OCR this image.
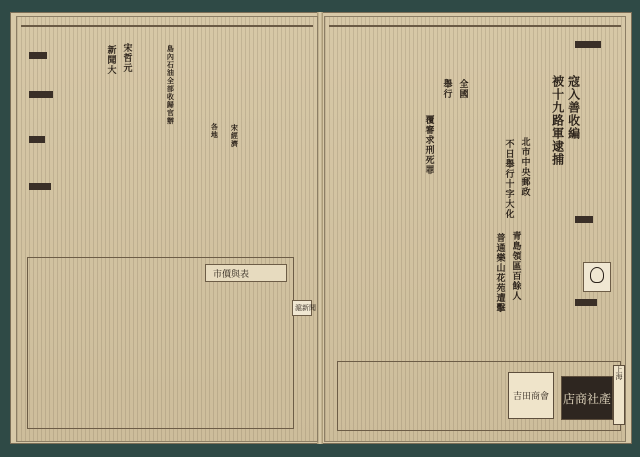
宋哲元
新聞大	島內石油全部收歸官辦
宋經濟
各地
市價與表
滬新聞
寇入善收編
被十九路軍逮捕
覆審求刑死罪
全國
舉行
北市中央郵政
不日舉行十字大化
青島領區百餘人
普通樂山花苑遭擊
店商社產
吉田商會
上海
